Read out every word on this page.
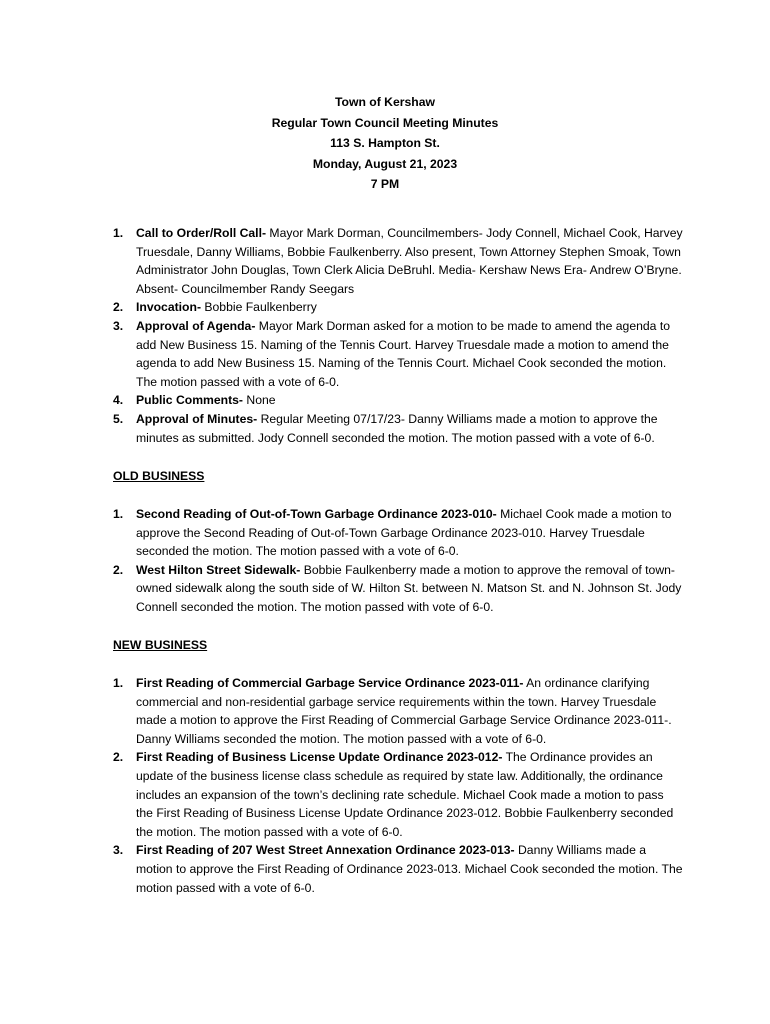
Town of Kershaw
Regular Town Council Meeting Minutes
113 S. Hampton St.
Monday, August 21, 2023
7 PM
1. Call to Order/Roll Call- Mayor Mark Dorman, Councilmembers- Jody Connell, Michael Cook, Harvey Truesdale, Danny Williams, Bobbie Faulkenberry. Also present, Town Attorney Stephen Smoak, Town Administrator John Douglas, Town Clerk Alicia DeBruhl. Media- Kershaw News Era- Andrew O’Bryne. Absent- Councilmember Randy Seegars
2. Invocation- Bobbie Faulkenberry
3. Approval of Agenda- Mayor Mark Dorman asked for a motion to be made to amend the agenda to add New Business 15. Naming of the Tennis Court. Harvey Truesdale made a motion to amend the agenda to add New Business 15. Naming of the Tennis Court. Michael Cook seconded the motion. The motion passed with a vote of 6-0.
4. Public Comments- None
5. Approval of Minutes- Regular Meeting 07/17/23- Danny Williams made a motion to approve the minutes as submitted. Jody Connell seconded the motion. The motion passed with a vote of 6-0.
OLD BUSINESS
1. Second Reading of Out-of-Town Garbage Ordinance 2023-010- Michael Cook made a motion to approve the Second Reading of Out-of-Town Garbage Ordinance 2023-010. Harvey Truesdale seconded the motion. The motion passed with a vote of 6-0.
2. West Hilton Street Sidewalk- Bobbie Faulkenberry made a motion to approve the removal of town-owned sidewalk along the south side of W. Hilton St. between N. Matson St. and N. Johnson St. Jody Connell seconded the motion. The motion passed with vote of 6-0.
NEW BUSINESS
1. First Reading of Commercial Garbage Service Ordinance 2023-011- An ordinance clarifying commercial and non-residential garbage service requirements within the town. Harvey Truesdale made a motion to approve the First Reading of Commercial Garbage Service Ordinance 2023-011-. Danny Williams seconded the motion. The motion passed with a vote of 6-0.
2. First Reading of Business License Update Ordinance 2023-012- The Ordinance provides an update of the business license class schedule as required by state law. Additionally, the ordinance includes an expansion of the town’s declining rate schedule. Michael Cook made a motion to pass the First Reading of Business License Update Ordinance 2023-012. Bobbie Faulkenberry seconded the motion. The motion passed with a vote of 6-0.
3. First Reading of 207 West Street Annexation Ordinance 2023-013- Danny Williams made a motion to approve the First Reading of Ordinance 2023-013. Michael Cook seconded the motion. The motion passed with a vote of 6-0.
